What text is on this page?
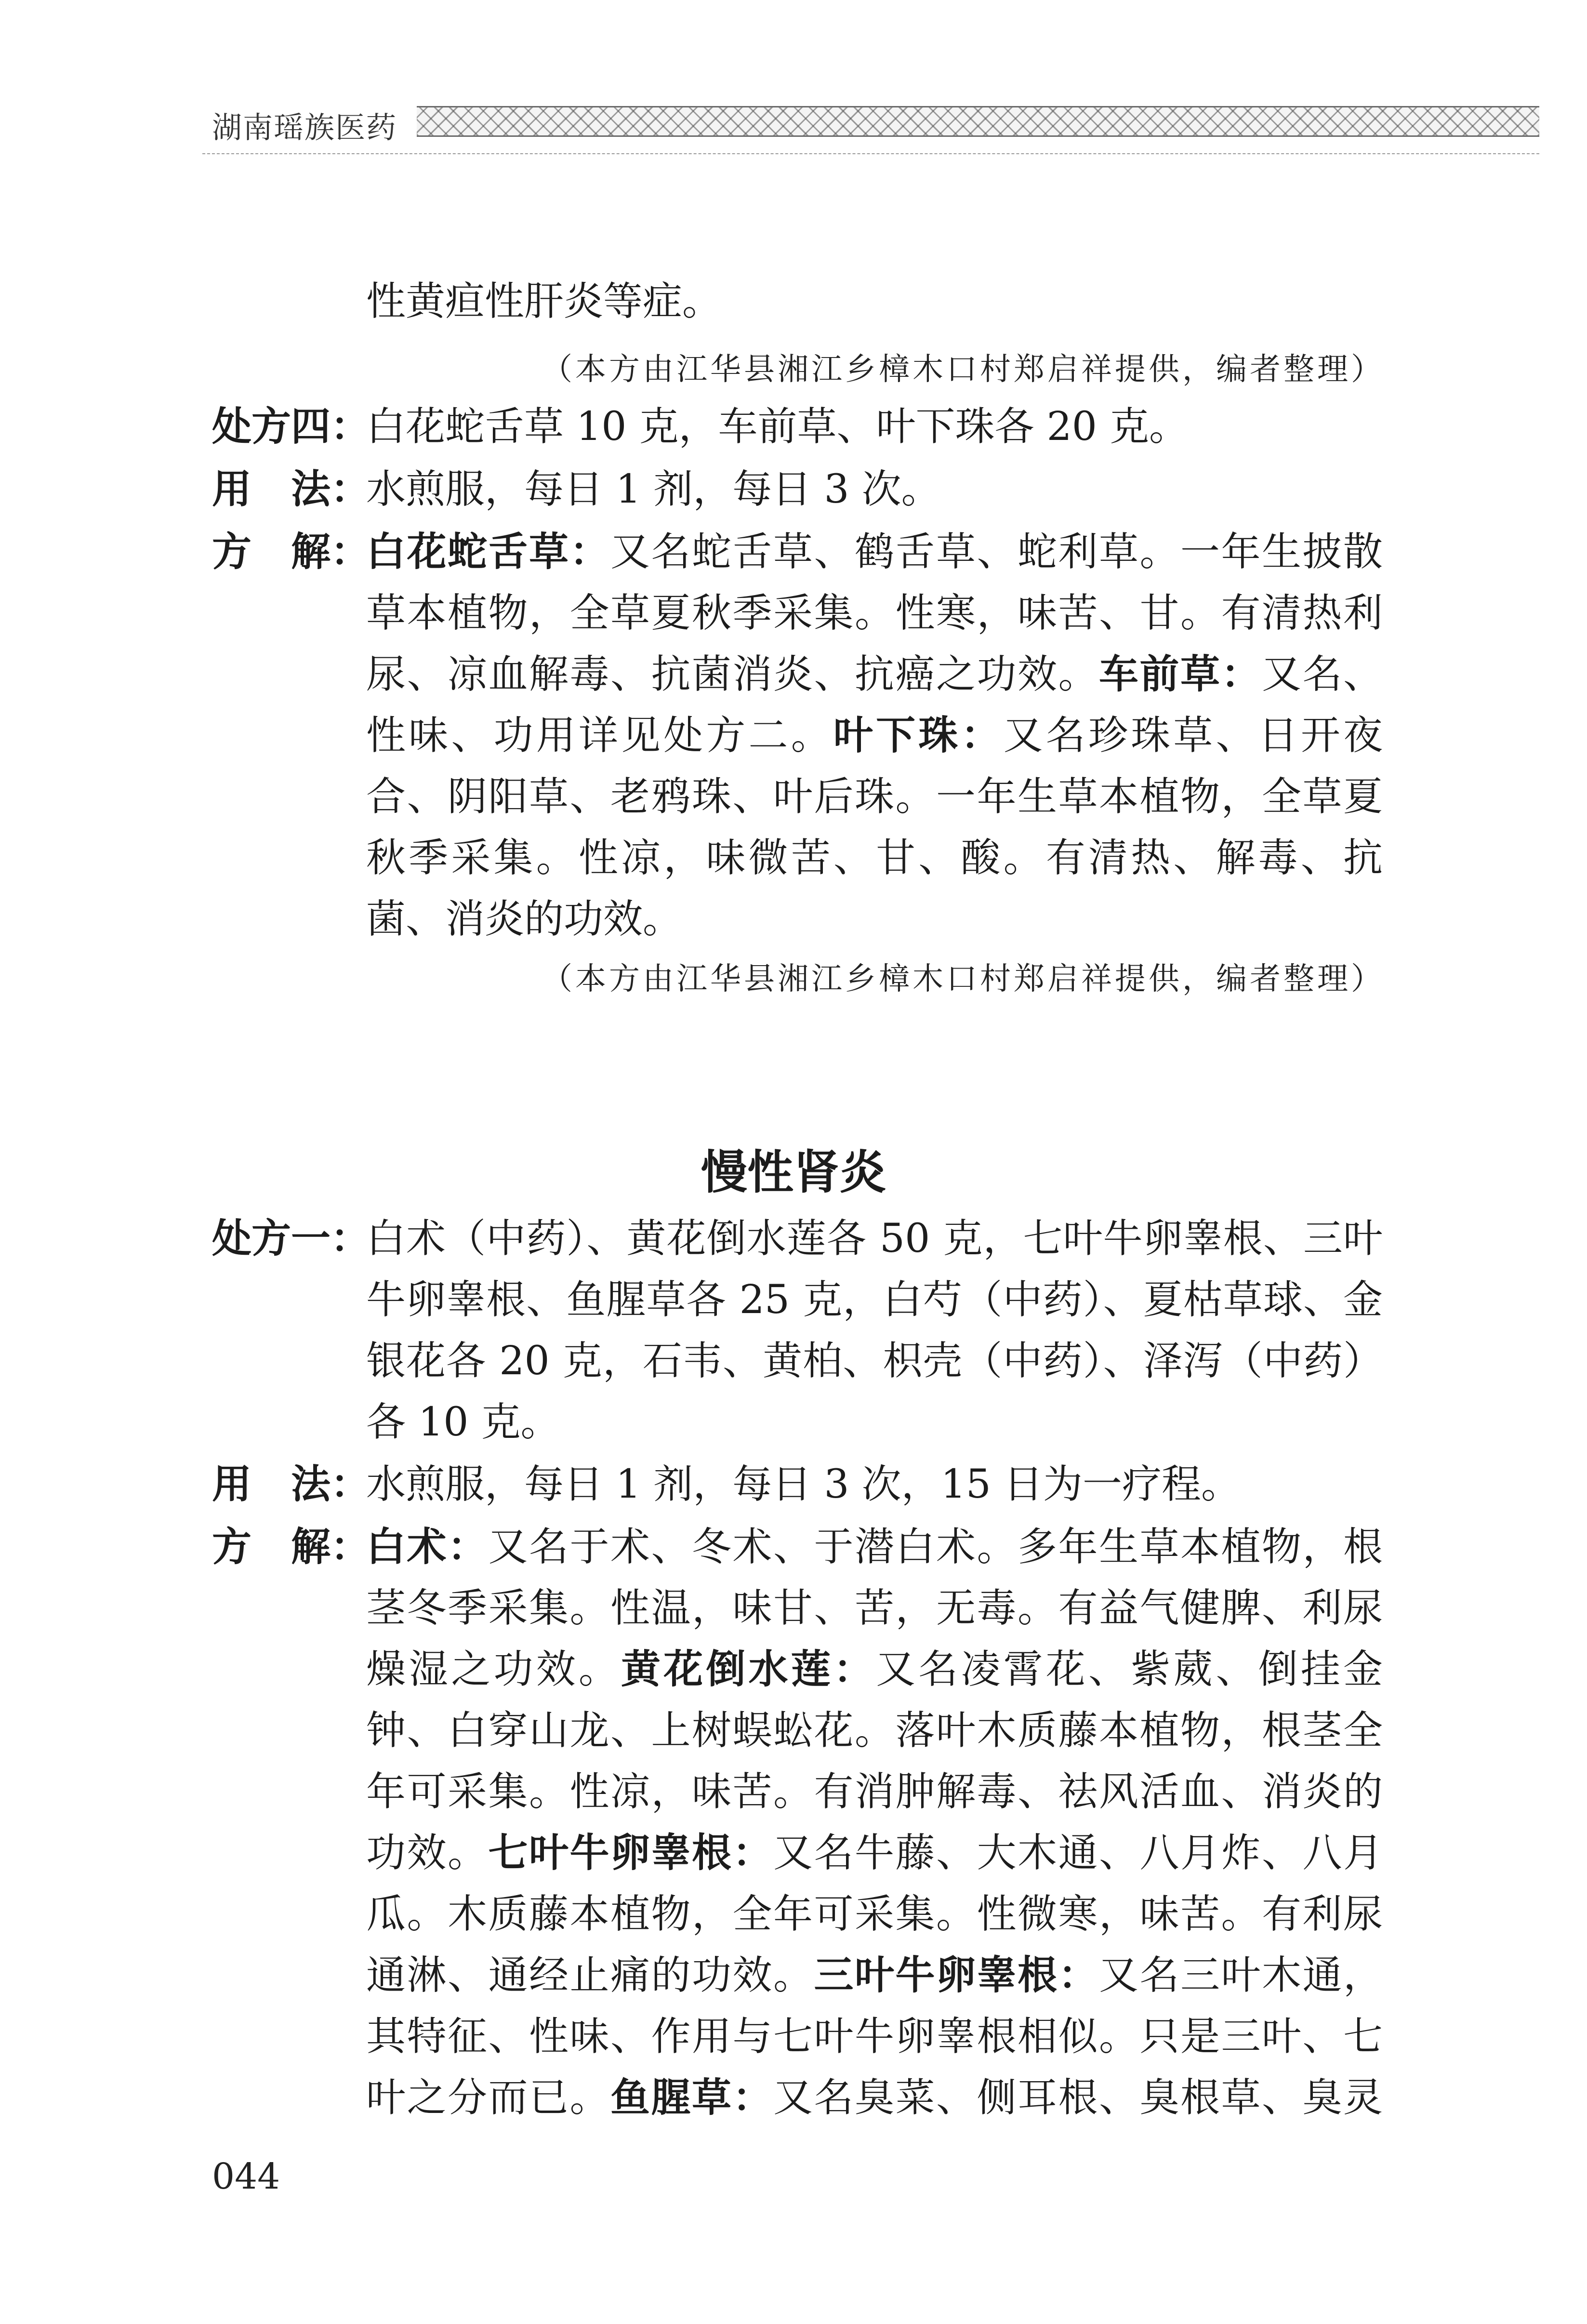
湖南瑶族医药
性黄疸性肝炎等症。
（本方由江华县湘江乡樟木口村郑启祥提供，编者整理）
处方四：
白花蛇舌草 10 克，车前草、叶下珠各 20 克。
用　法：
水煎服，每日 1 剂，每日 3 次。
方　解：
白花蛇舌草：又名蛇舌草、鹤舌草、蛇利草。一年生披散
草本植物，全草夏秋季采集。性寒，味苦、甘。有清热利
尿、凉血解毒、抗菌消炎、抗癌之功效。车前草：又名、
性味、功用详见处方二。叶下珠：又名珍珠草、日开夜
合、阴阳草、老鸦珠、叶后珠。一年生草本植物，全草夏
秋季采集。性凉，味微苦、甘、酸。有清热、解毒、抗
菌、消炎的功效。
（本方由江华县湘江乡樟木口村郑启祥提供，编者整理）
慢性肾炎
处方一：
白术（中药）、黄花倒水莲各 50 克，七叶牛卵睾根、三叶
牛卵睾根、鱼腥草各 25 克，白芍（中药）、夏枯草球、金
银花各 20 克，石韦、黄柏、枳壳（中药）、泽泻（中药）
各 10 克。
用　法：
水煎服，每日 1 剂，每日 3 次，15 日为一疗程。
方　解：
白术：又名于术、冬术、于潜白术。多年生草本植物，根
茎冬季采集。性温，味甘、苦，无毒。有益气健脾、利尿
燥湿之功效。黄花倒水莲：又名凌霄花、紫葳、倒挂金
钟、白穿山龙、上树蜈蚣花。落叶木质藤本植物，根茎全
年可采集。性凉，味苦。有消肿解毒、祛风活血、消炎的
功效。七叶牛卵睾根：又名牛藤、大木通、八月炸、八月
瓜。木质藤本植物，全年可采集。性微寒，味苦。有利尿
通淋、通经止痛的功效。三叶牛卵睾根：又名三叶木通，
其特征、性味、作用与七叶牛卵睾根相似。只是三叶、七
叶之分而已。鱼腥草：又名臭菜、侧耳根、臭根草、臭灵
044
